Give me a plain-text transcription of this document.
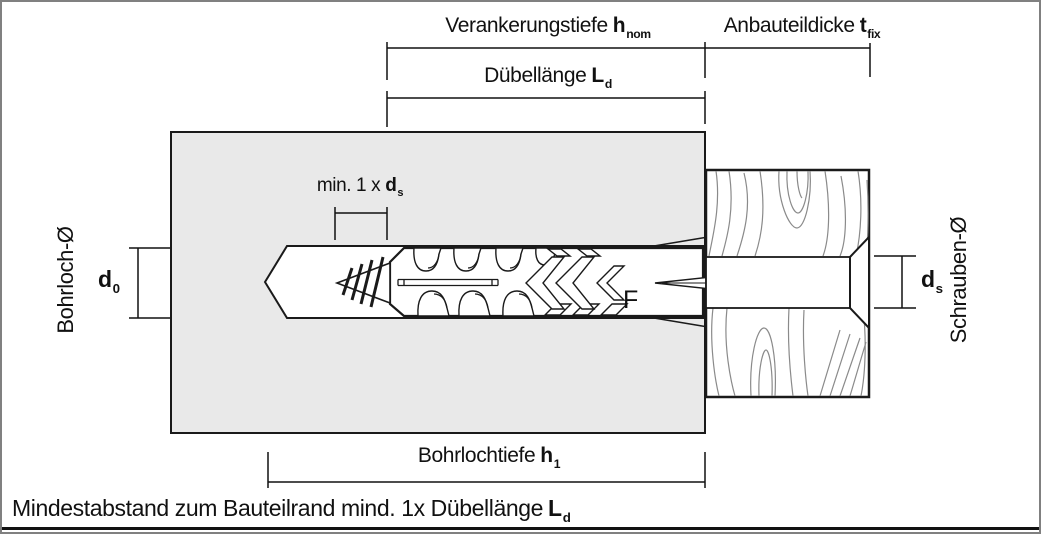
Verankerungstiefe $h_{nom}$	Anbauteildicke $t_{fix}$
Dübellänge $L_d$
min. 1 x $d_s$
Bohrloch-Ø $d_0$	Schrauben-Ø
$d_s$
F
Bohrlochtiefe $h_1$
Mindestabstand zum Bauteilrand mind. 1x Dübellänge $L_d$
